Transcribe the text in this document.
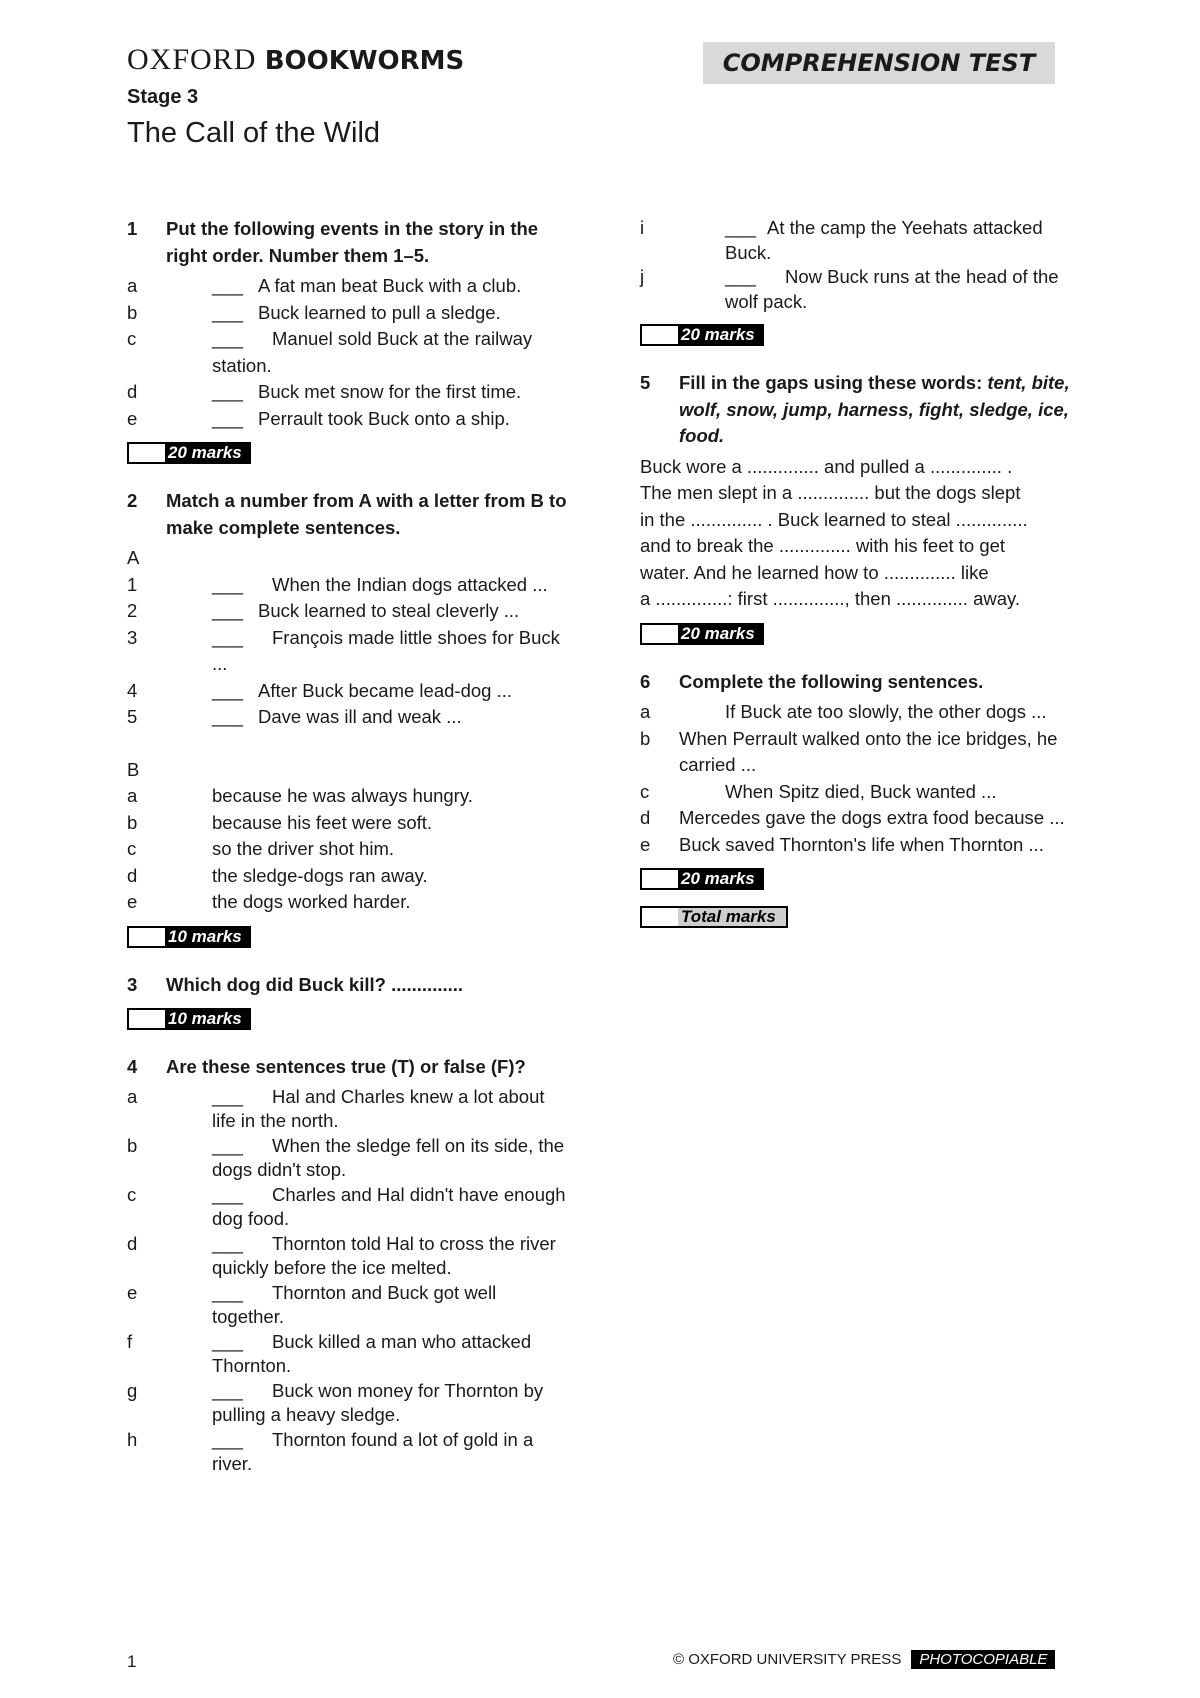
OXFORD BOOKWORMS
Stage 3
The Call of the Wild
COMPREHENSION TEST
1	Put the following events in the story in the right order. Number them 1–5.
a	___ A fat man beat Buck with a club.
b	___ Buck learned to pull a sledge.
c	___ Manuel sold Buck at the railway station.
d	___ Buck met snow for the first time.
e	___ Perrault took Buck onto a ship.
20 marks
2	Match a number from A with a letter from B to make complete sentences.
A
1	___ When the Indian dogs attacked ...
2	___ Buck learned to steal cleverly ...
3	___ François made little shoes for Buck ...
4	___ After Buck became lead-dog ...
5	___ Dave was ill and weak ...
B
a	because he was always hungry.
b	because his feet were soft.
c	so the driver shot him.
d	the sledge-dogs ran away.
e	the dogs worked harder.
10 marks
3	Which dog did Buck kill? ..............
10 marks
4	Are these sentences true (T) or false (F)?
a	___ Hal and Charles knew a lot about life in the north.
b	___ When the sledge fell on its side, the dogs didn't stop.
c	___ Charles and Hal didn't have enough dog food.
d	___ Thornton told Hal to cross the river quickly before the ice melted.
e	___ Thornton and Buck got well together.
f	___ Buck killed a man who attacked Thornton.
g	___ Buck won money for Thornton by pulling a heavy sledge.
h	___ Thornton found a lot of gold in a river.
i	___ At the camp the Yeehats attacked Buck.
j	___ Now Buck runs at the head of the wolf pack.
20 marks
5	Fill in the gaps using these words: tent, bite, wolf, snow, jump, harness, fight, sledge, ice, food.
Buck wore a .............. and pulled a .............. .
The men slept in a .............. but the dogs slept
in the .............. . Buck learned to steal ..............
and to break the .............. with his feet to get
water. And he learned how to .............. like
a ..............: first .............., then .............. away.
20 marks
6	Complete the following sentences.
a	If Buck ate too slowly, the other dogs ...
b	When Perrault walked onto the ice bridges, he carried ...
c	When Spitz died, Buck wanted ...
d	Mercedes gave the dogs extra food because ...
e	Buck saved Thornton's life when Thornton ...
20 marks
Total marks
1	© OXFORD UNIVERSITY PRESS	PHOTOCOPIABLE
